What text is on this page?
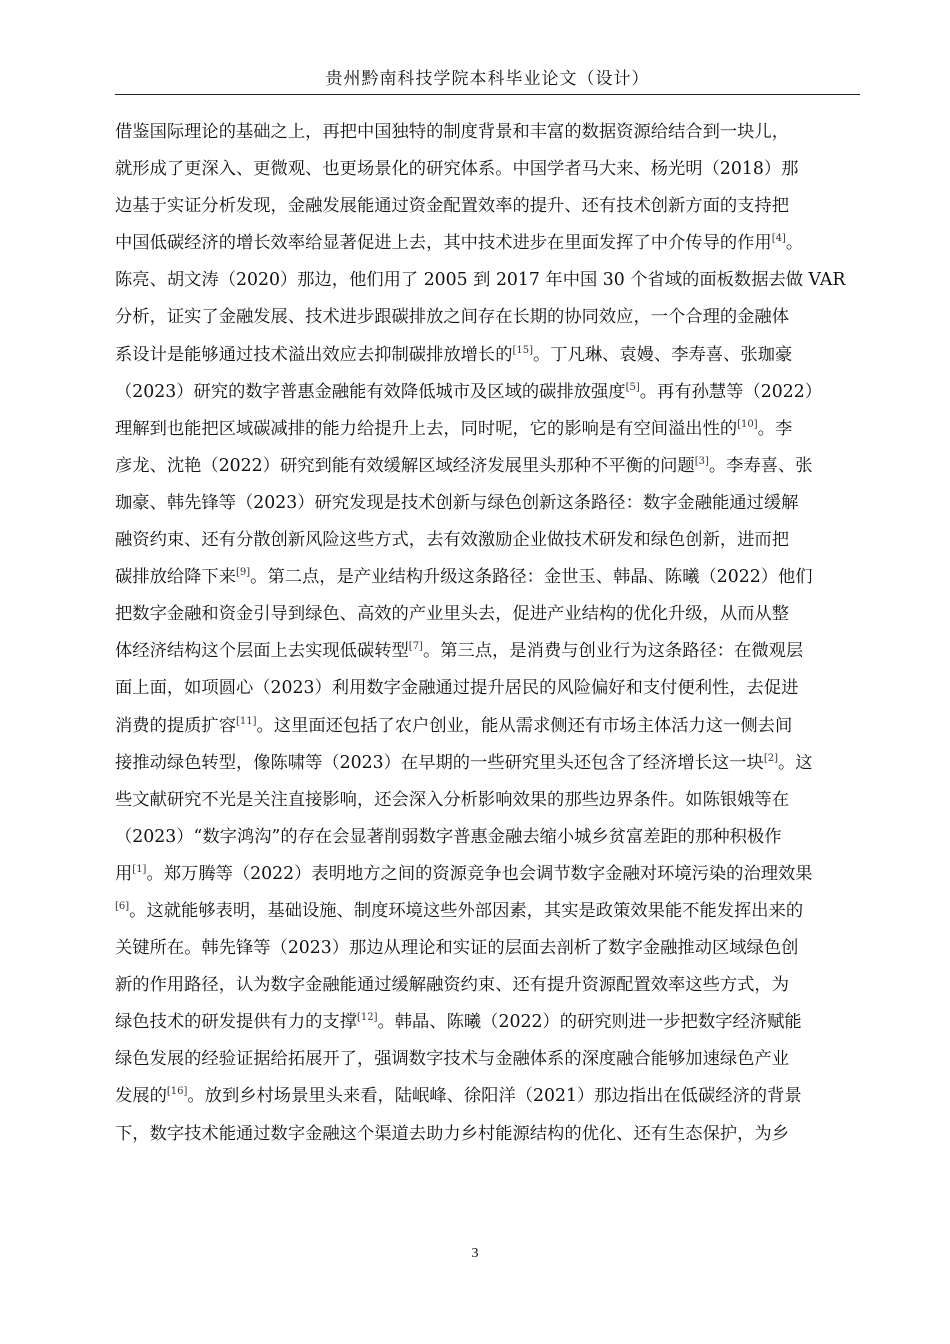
贵州黔南科技学院本科毕业论文（设计）
借鉴国际理论的基础之上，再把中国独特的制度背景和丰富的数据资源给结合到一块儿，
就形成了更深入、更微观、也更场景化的研究体系。中国学者马大来、杨光明（2018）那
边基于实证分析发现，金融发展能通过资金配置效率的提升、还有技术创新方面的支持把
中国低碳经济的增长效率给显著促进上去，其中技术进步在里面发挥了中介传导的作用[4]。
陈亮、胡文涛（2020）那边，他们用了 2005 到 2017 年中国 30 个省域的面板数据去做 VAR
分析，证实了金融发展、技术进步跟碳排放之间存在长期的协同效应，一个合理的金融体
系设计是能够通过技术溢出效应去抑制碳排放增长的[15]。丁凡琳、袁嫚、李寿喜、张珈豪
（2023）研究的数字普惠金融能有效降低城市及区域的碳排放强度[5]。再有孙慧等（2022）
理解到也能把区域碳减排的能力给提升上去，同时呢，它的影响是有空间溢出性的[10]。李
彦龙、沈艳（2022）研究到能有效缓解区域经济发展里头那种不平衡的问题[3]。李寿喜、张
珈豪、韩先锋等（2023）研究发现是技术创新与绿色创新这条路径：数字金融能通过缓解
融资约束、还有分散创新风险这些方式，去有效激励企业做技术研发和绿色创新，进而把
碳排放给降下来[9]。第二点，是产业结构升级这条路径：金世玉、韩晶、陈曦（2022）他们
把数字金融和资金引导到绿色、高效的产业里头去，促进产业结构的优化升级，从而从整
体经济结构这个层面上去实现低碳转型[7]。第三点，是消费与创业行为这条路径：在微观层
面上面，如项圆心（2023）利用数字金融通过提升居民的风险偏好和支付便利性，去促进
消费的提质扩容[11]。这里面还包括了农户创业，能从需求侧还有市场主体活力这一侧去间
接推动绿色转型，像陈啸等（2023）在早期的一些研究里头还包含了经济增长这一块[2]。这
些文献研究不光是关注直接影响，还会深入分析影响效果的那些边界条件。如陈银娥等在
（2023）“数字鸿沟”的存在会显著削弱数字普惠金融去缩小城乡贫富差距的那种积极作
用[1]。郑万腾等（2022）表明地方之间的资源竞争也会调节数字金融对环境污染的治理效果
[6]。这就能够表明，基础设施、制度环境这些外部因素，其实是政策效果能不能发挥出来的
关键所在。韩先锋等（2023）那边从理论和实证的层面去剖析了数字金融推动区域绿色创
新的作用路径，认为数字金融能通过缓解融资约束、还有提升资源配置效率这些方式，为
绿色技术的研发提供有力的支撑[12]。韩晶、陈曦（2022）的研究则进一步把数字经济赋能
绿色发展的经验证据给拓展开了，强调数字技术与金融体系的深度融合能够加速绿色产业
发展的[16]。放到乡村场景里头来看，陆岷峰、徐阳洋（2021）那边指出在低碳经济的背景
下，数字技术能通过数字金融这个渠道去助力乡村能源结构的优化、还有生态保护，为乡
3
